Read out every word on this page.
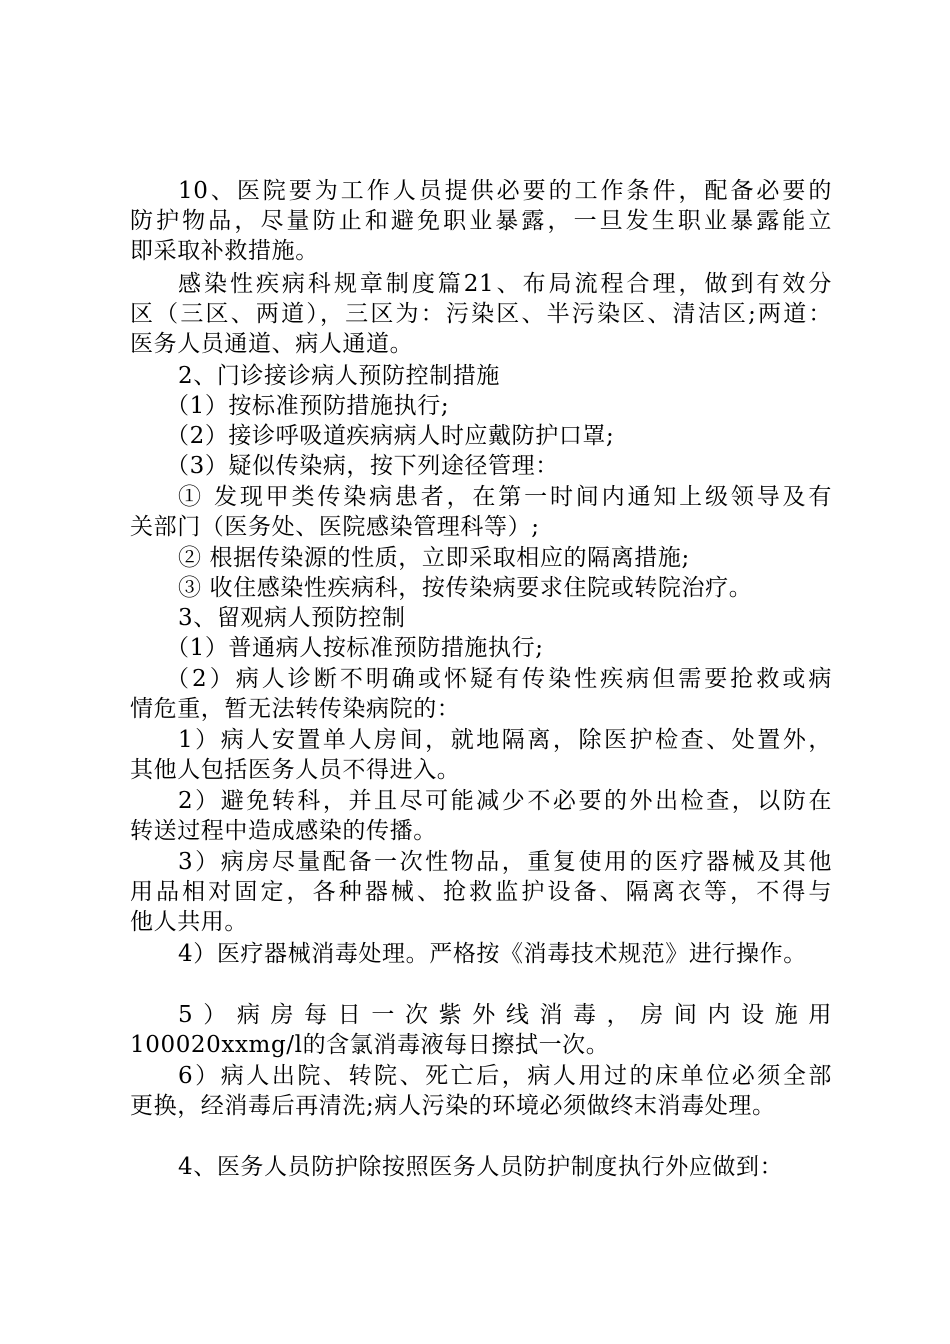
10、医院要为工作人员提供必要的工作条件，配备必要的
防护物品，尽量防止和避免职业暴露，一旦发生职业暴露能立
即采取补救措施。
感染性疾病科规章制度篇21、布局流程合理，做到有效分
区（三区、两道），三区为：污染区、半污染区、清洁区;两道：
医务人员通道、病人通道。
2、门诊接诊病人预防控制措施
（1）按标准预防措施执行;
（2）接诊呼吸道疾病病人时应戴防护口罩;
（3）疑似传染病，按下列途径管理：
① 发现甲类传染病患者，在第一时间内通知上级领导及有
关部门（医务处、医院感染管理科等）;
② 根据传染源的性质，立即采取相应的隔离措施;
③ 收住感染性疾病科，按传染病要求住院或转院治疗。
3、留观病人预防控制
（1）普通病人按标准预防措施执行;
（2）病人诊断不明确或怀疑有传染性疾病但需要抢救或病
情危重，暂无法转传染病院的：
1）病人安置单人房间，就地隔离，除医护检查、处置外，
其他人包括医务人员不得进入。
2）避免转科，并且尽可能减少不必要的外出检查，以防在
转送过程中造成感染的传播。
3）病房尽量配备一次性物品，重复使用的医疗器械及其他
用品相对固定，各种器械、抢救监护设备、隔离衣等，不得与
他人共用。
4）医疗器械消毒处理。严格按《消毒技术规范》进行操作。
5）病房每日一次紫外线消毒，房间内设施用
100020xxmg/l的含氯消毒液每日擦拭一次。
6）病人出院、转院、死亡后，病人用过的床单位必须全部
更换，经消毒后再清洗;病人污染的环境必须做终末消毒处理。
4、医务人员防护除按照医务人员防护制度执行外应做到：
